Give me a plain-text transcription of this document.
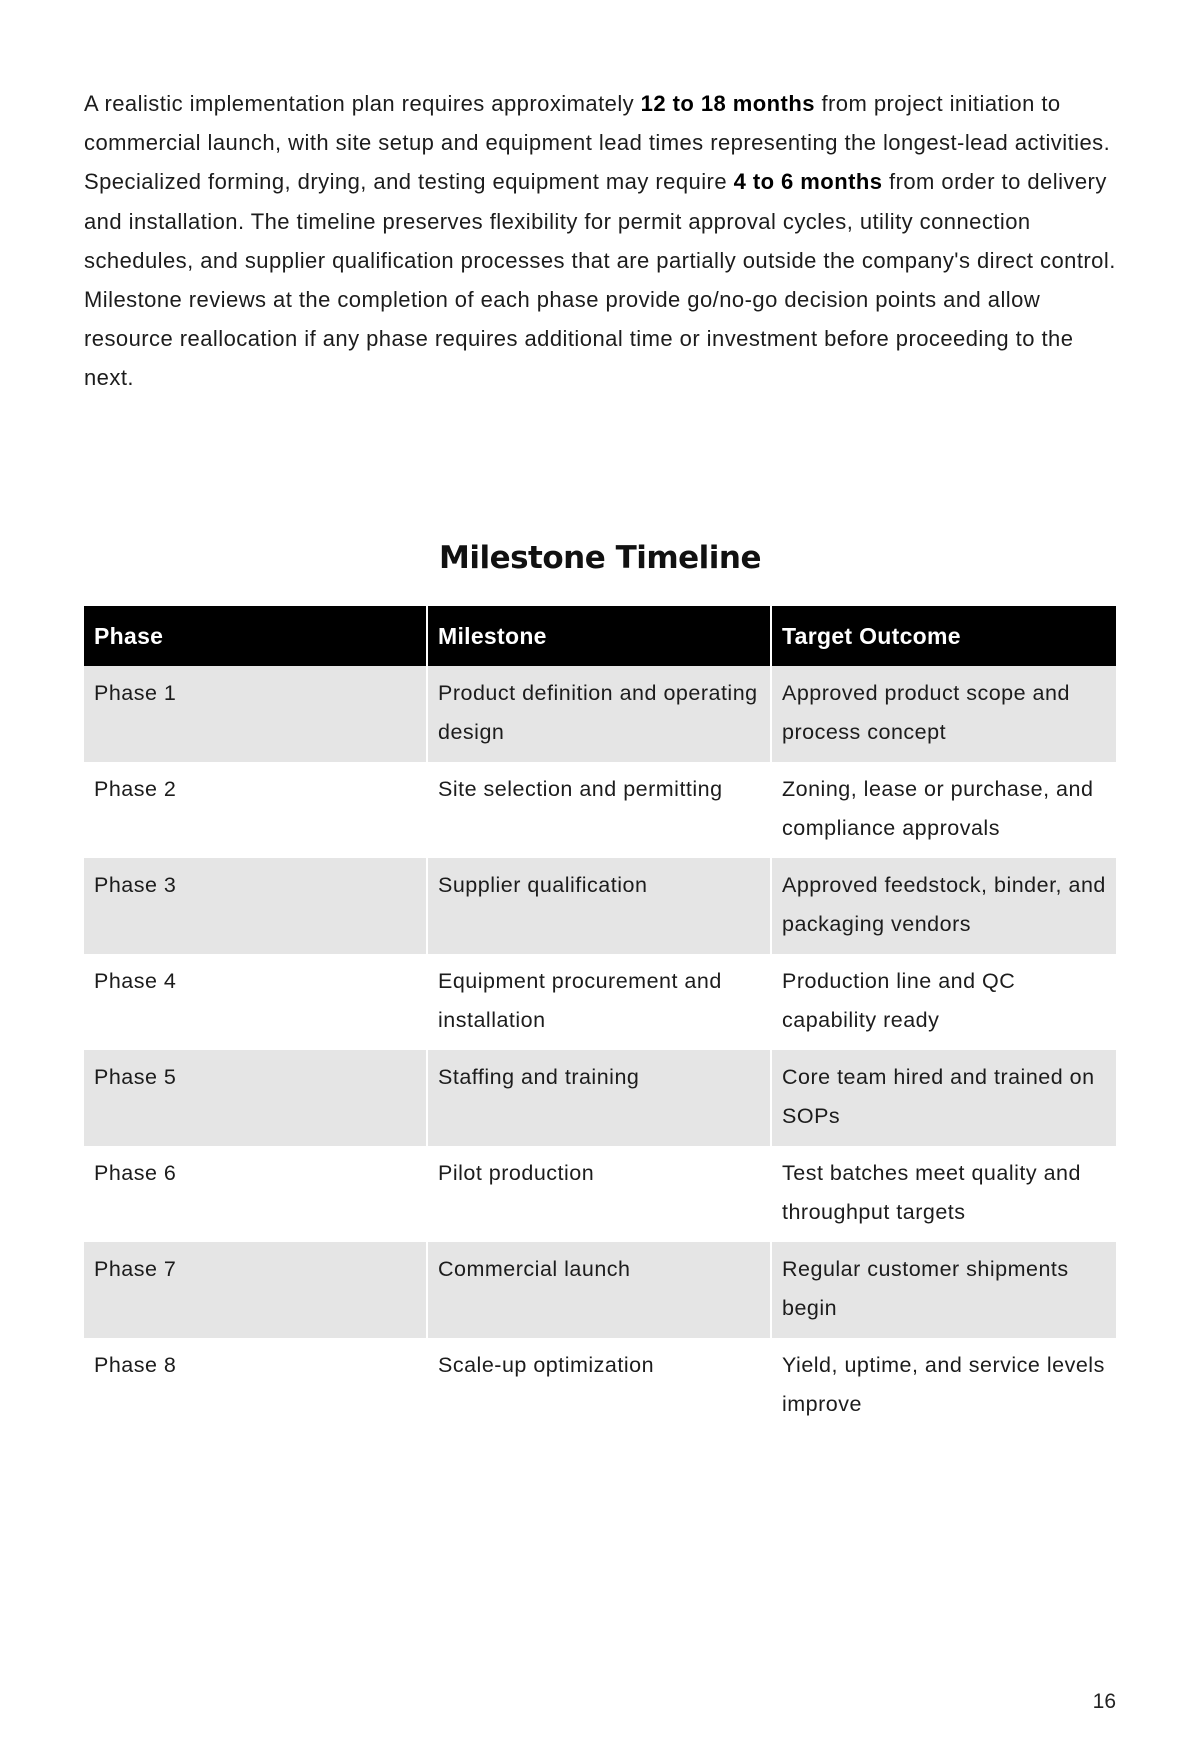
A realistic implementation plan requires approximately 12 to 18 months from project initiation to commercial launch, with site setup and equipment lead times representing the longest-lead activities. Specialized forming, drying, and testing equipment may require 4 to 6 months from order to delivery and installation. The timeline preserves flexibility for permit approval cycles, utility connection schedules, and supplier qualification processes that are partially outside the company's direct control. Milestone reviews at the completion of each phase provide go/no-go decision points and allow resource reallocation if any phase requires additional time or investment before proceeding to the next.

Milestone Timeline
Phase	Milestone	Target Outcome
Phase 1	Product definition and operating design	Approved product scope and process concept
Phase 2	Site selection and permitting	Zoning, lease or purchase, and compliance approvals
Phase 3	Supplier qualification	Approved feedstock, binder, and packaging vendors
Phase 4	Equipment procurement and installation	Production line and QC capability ready
Phase 5	Staffing and training	Core team hired and trained on SOPs
Phase 6	Pilot production	Test batches meet quality and throughput targets
Phase 7	Commercial launch	Regular customer shipments begin
Phase 8	Scale-up optimization	Yield, uptime, and service levels improve
16
